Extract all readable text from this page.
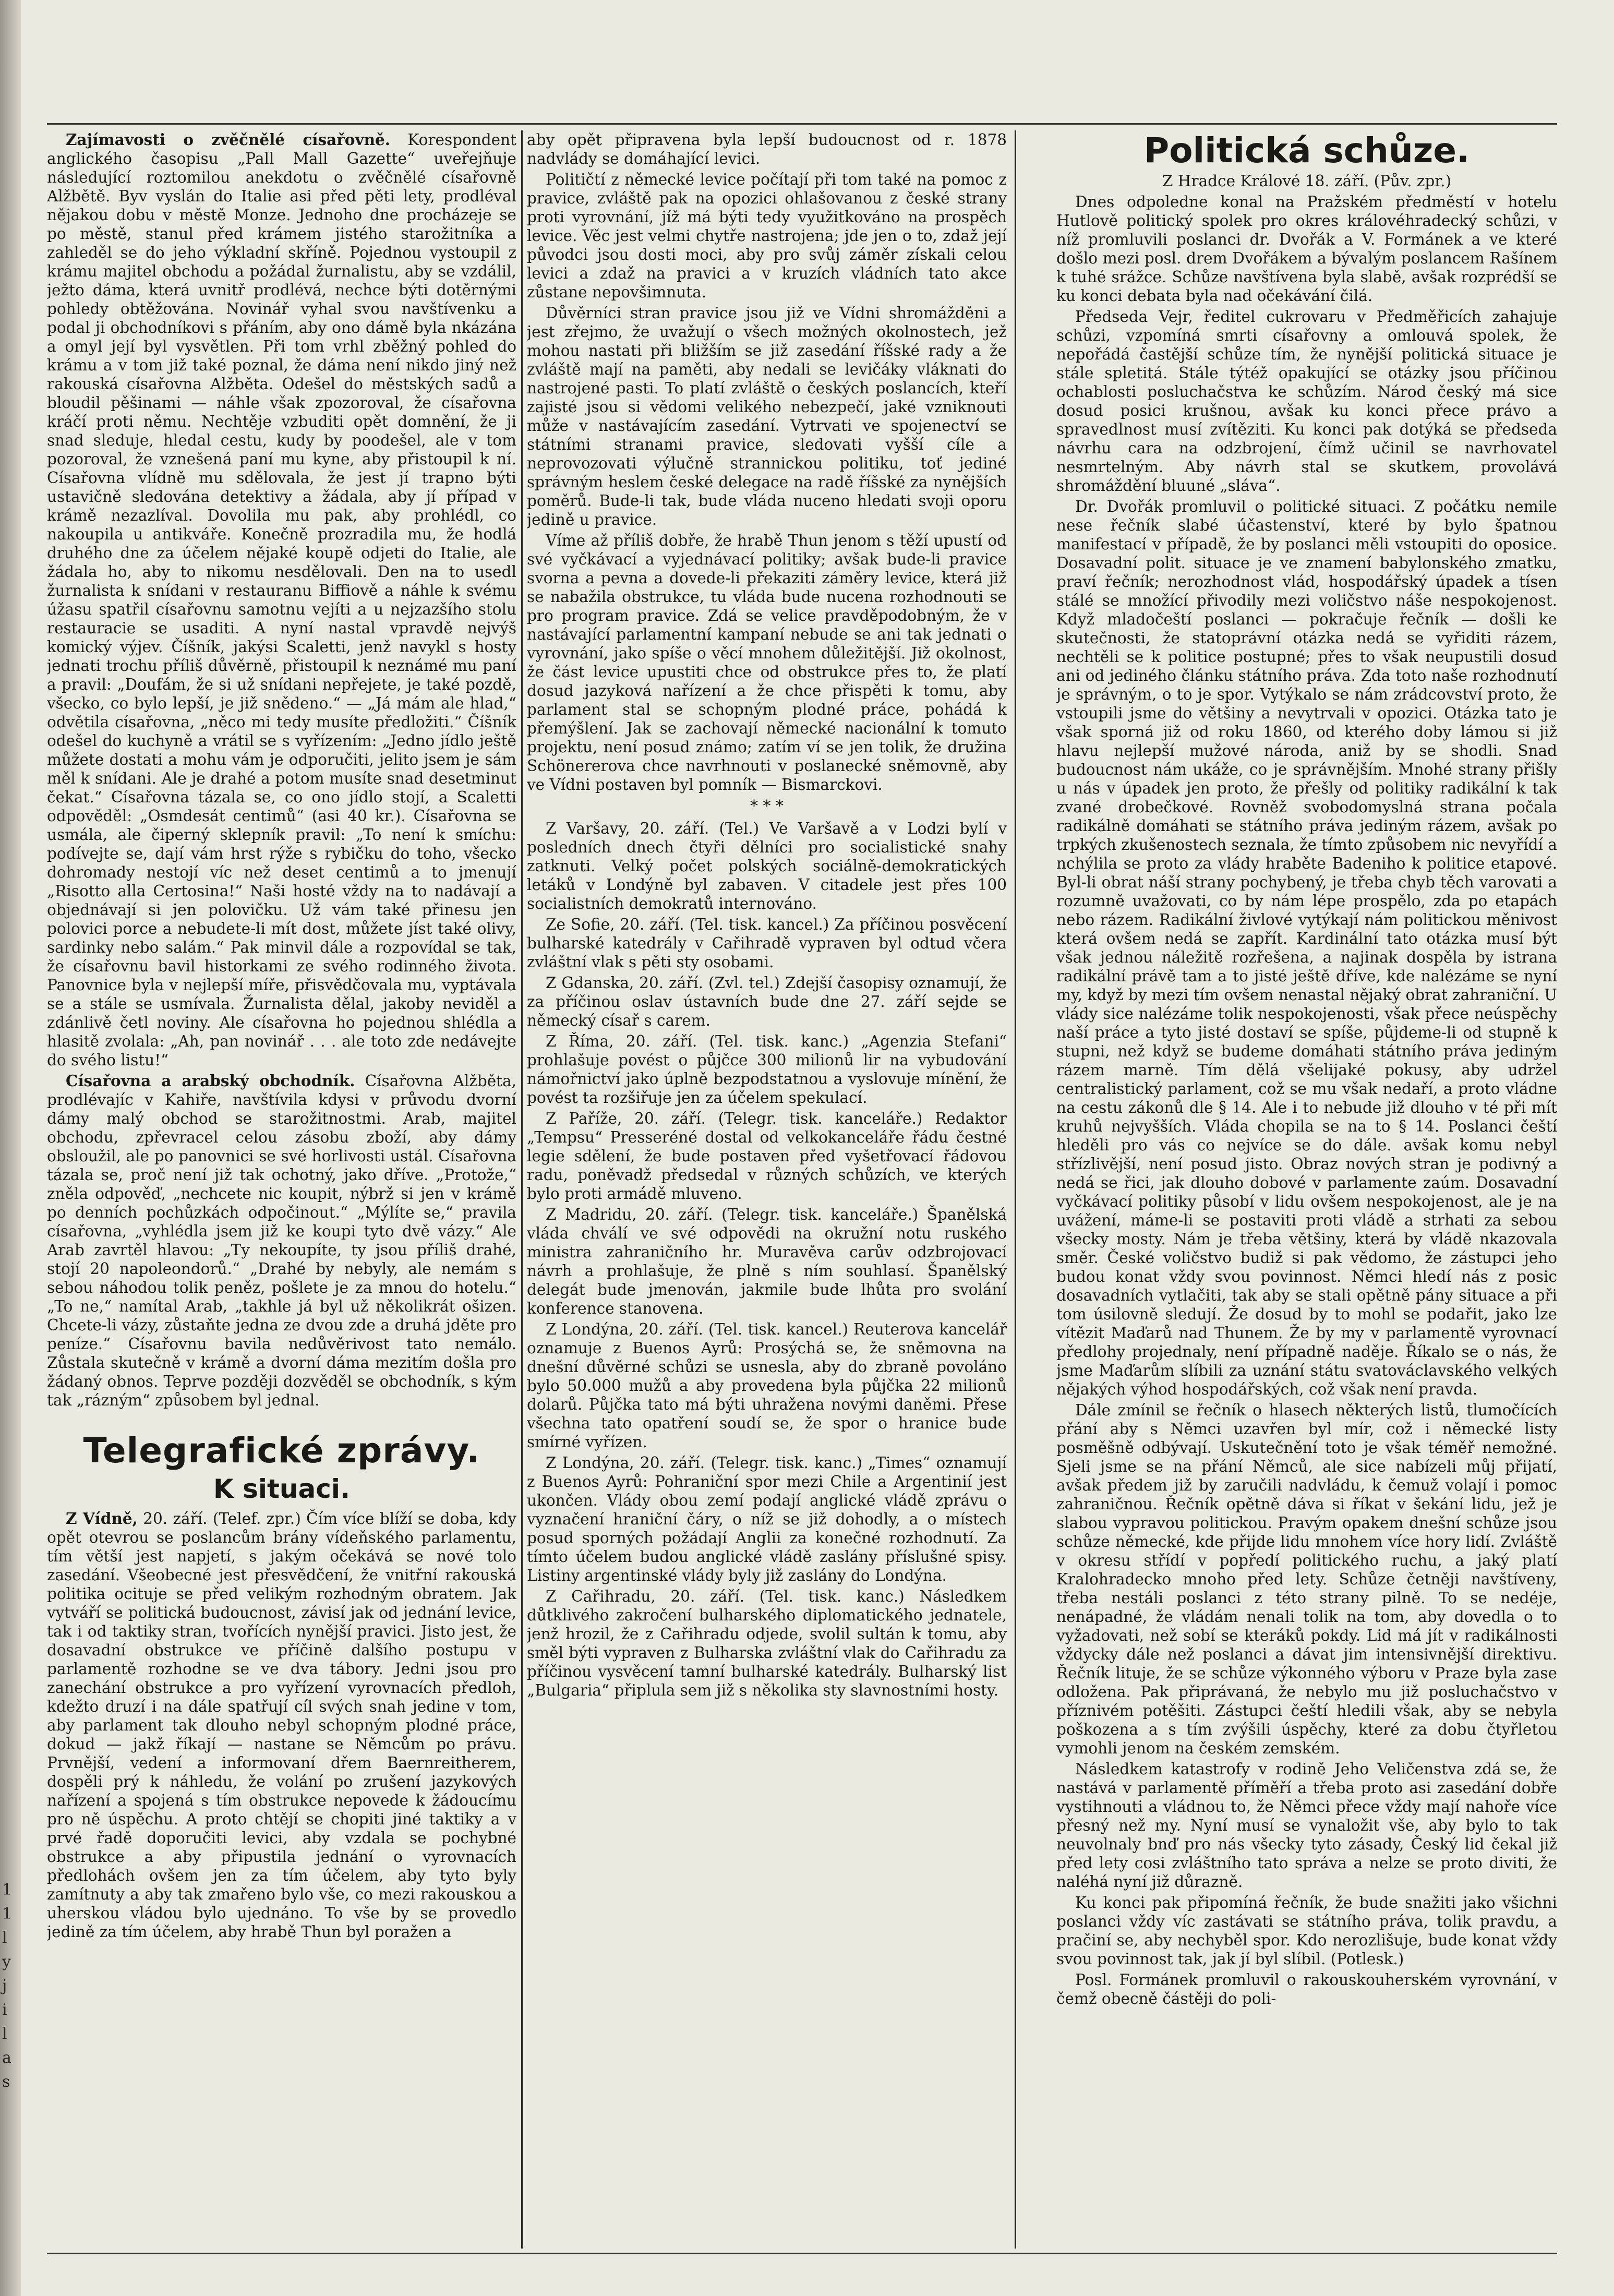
1
1
l
y
j
i
l
a
s

Zajímavosti o zvěčnělé císařovně. Korespondent anglického časopisu „Pall Mall Gazette“ uveřejňuje následující roztomilou anekdotu o zvěčnělé císařovně Alžbětě. Byv vyslán do Italie asi před pěti lety, prodléval nějakou dobu v městě Monze. Jednoho dne procházeje se po městě, stanul před krámem jistého starožitníka a zahleděl se do jeho výkladní skříně. Pojednou vystoupil z krámu majitel obchodu a požádal žurnalistu, aby se vzdálil, ježto dáma, která uvnitř prodlévá, nechce býti dotěrnými pohledy obtěžována. Novinář vyhal svou navštívenku a podal ji obchodníkovi s přáním, aby ono dámě byla nkázána a omyl její byl vysvětlen. Při tom vrhl zběžný pohled do krámu a v tom již také poznal, že dáma není nikdo jiný než rakouská císařovna Alžběta. Odešel do městských sadů a bloudil pěšinami — náhle však zpozoroval, že císařovna kráčí proti němu. Nechtěje vzbuditi opět domnění, že ji snad sleduje, hledal cestu, kudy by poodešel, ale v tom pozoroval, že vznešená paní mu kyne, aby přistoupil k ní. Císařovna vlídně mu sdělovala, že jest jí trapno býti ustavičně sledována detektivy a žádala, aby jí případ v krámě nezazlíval. Dovolila mu pak, aby prohlédl, co nakoupila u antikváře. Konečně prozradila mu, že hodlá druhého dne za účelem nějaké koupě odjeti do Italie, ale žádala ho, aby to nikomu nesdělovali. Den na to usedl žurnalista k snídani v restauranu Biffiově a náhle k svému úžasu spatřil císařovnu samotnu vejíti a u nejzazšího stolu restauracie se usaditi. A nyní nastal vpravdě nejvýš komický výjev. Číšník, jakýsi Scaletti, jenž navykl s hosty jednati trochu příliš důvěrně, přistoupil k neznámé mu paní a pravil: „Doufám, že si už snídani nepřejete, je také pozdě, všecko, co bylo lepší, je již snědeno.“ — „Já mám ale hlad,“ odvětila císařovna, „něco mi tedy musíte předložiti.“ Číšník odešel do kuchyně a vrátil se s vyřízením: „Jedno jídlo ještě můžete dostati a mohu vám je odporučiti, jelito jsem je sám měl k snídani. Ale je drahé a potom musíte snad desetminut čekat.“ Císařovna tázala se, co ono jídlo stojí, a Scaletti odpověděl: „Osmdesát centimů“ (asi 40 kr.). Císařovna se usmála, ale čiperný sklepník pravil: „To není k smíchu: podívejte se, dají vám hrst rýže s rybičku do toho, všecko dohromady nestojí víc než deset centimů a to jmenují „Risotto alla Certosina!“ Naši hosté vždy na to nadávají a objednávají si jen polovičku. Už vám také přinesu jen polovici porce a nebudete-li mít dost, můžete jíst také olivy, sardinky nebo salám.“ Pak minvil dále a rozpovídal se tak, že císařovnu bavil historkami ze svého rodinného života. Panovnice byla v nejlepší míře, přisvědčovala mu, vyptávala se a stále se usmívala. Žurnalista dělal, jakoby neviděl a zdánlivě četl noviny. Ale císařovna ho pojednou shlédla a hlasitě zvolala: „Ah, pan novinář . . . ale toto zde nedávejte do svého listu!“

Císařovna a arabský obchodník. Císařovna Alžběta, prodlévajíc v Kahiře, navštívila kdysi v průvodu dvorní dámy malý obchod se starožitnostmi. Arab, majitel obchodu, zpřevracel celou zásobu zboží, aby dámy obsloužil, ale po panovnici se své horlivosti ustál. Císařovna tázala se, proč není již tak ochotný, jako dříve. „Protože,“ zněla odpověď, „nechcete nic koupit, nýbrž si jen v krámě po denních pochůzkách odpočinout.“ „Mýlíte se,“ pravila císařovna, „vyhlédla jsem již ke koupi tyto dvě vázy.“ Ale Arab zavrtěl hlavou: „Ty nekoupíte, ty jsou příliš drahé, stojí 20 napoleondorů.“ „Drahé by nebyly, ale nemám s sebou náhodou tolik peněz, pošlete je za mnou do hotelu.“ „To ne,“ namítal Arab, „takhle já byl už několikrát ošizen. Chcete-li vázy, zůstaňte jedna ze dvou zde a druhá jděte pro peníze.“ Císařovnu bavila nedůvěrivost tato nemálo. Zůstala skutečně v krámě a dvorní dáma mezitím došla pro žádaný obnos. Teprve později dozvěděl se obchodník, s kým tak „rázným“ způsobem byl jednal.

Telegrafické zprávy.
K situaci.

Z Vídně, 20. září. (Telef. zpr.) Čím více blíží se doba, kdy opět otevrou se poslancům brány vídeňského parlamentu, tím větší jest napjetí, s jakým očekává se nové tolo zasedání. Všeobecné jest přesvědčení, že vnitřní rakouská politika ocituje se před velikým rozhodným obratem. Jak vytváří se politická budoucnost, závisí jak od jednání levice, tak i od taktiky stran, tvořících nynější pravici. Jisto jest, že dosavadní obstrukce ve příčině dalšího postupu v parlamentě rozhodne se ve dva tábory. Jedni jsou pro zanechání obstrukce a pro vyřízení vyrovnacích předloh, kdežto druzí i na dále spatřují cíl svých snah jedine v tom, aby parlament tak dlouho nebyl schopným plodné práce, dokud — jakž říkají — nastane se Němcům po právu. Prvnější, vedení a informovaní dřem Baernreitherem, dospěli prý k náhledu, že volání po zrušení jazykových nařízení a spojená s tím obstrukce nepovede k žádoucímu pro ně úspěchu. A proto chtějí se chopiti jiné taktiky a v prvé řadě doporučiti levici, aby vzdala se pochybné obstrukce a aby připustila jednání o vyrovnacích předlohách ovšem jen za tím účelem, aby tyto byly zamítnuty a aby tak zmařeno bylo vše, co mezi rakouskou a uherskou vládou bylo ujednáno. To vše by se provedlo jedině za tím účelem, aby hrabě Thun byl poražen a

aby opět připravena byla lepší budoucnost od r. 1878 nadvlády se domáhající levici.

Političtí z německé levice počítají při tom také na pomoc z pravice, zvláště pak na opozici ohlašovanou z české strany proti vyrovnání, jíž má býti tedy využitkováno na prospěch levice. Věc jest velmi chytře nastrojena; jde jen o to, zdaž její původci jsou dosti moci, aby pro svůj záměr získali celou levici a zdaž na pravici a v kruzích vládních tato akce zůstane nepovšimnuta.

Důvěrníci stran pravice jsou již ve Vídni shromážděni a jest zřejmo, že uvažují o všech možných okolnostech, jež mohou nastati při bližším se již zasedání říšské rady a že zvláště mají na paměti, aby nedali se levičáky vláknati do nastrojené pasti. To platí zvláště o českých poslancích, kteří zajisté jsou si vědomi velikého nebezpečí, jaké vzniknouti může v nastávajícím zasedání. Vytrvati ve spojenectví se státními stranami pravice, sledovati vyšší cíle a neprovozovati výlučně strannickou politiku, toť jediné správným heslem české delegace na radě říšské za nynějších poměrů. Bude-li tak, bude vláda nuceno hledati svoji oporu jedině u pravice.

Víme až příliš dobře, že hrabě Thun jenom s těží upustí od své vyčkávací a vyjednávací politiky; avšak bude-li pravice svorna a pevna a dovede-li překaziti záměry levice, která již se nabažila obstrukce, tu vláda bude nucena rozhodnouti se pro program pravice. Zdá se velice pravděpodobným, že v nastávající parlamentní kampaní nebude se ani tak jednati o vyrovnání, jako spíše o věcí mnohem důležitější. Již okolnost, že část levice upustiti chce od obstrukce přes to, že platí dosud jazyková nařízení a že chce přispěti k tomu, aby parlament stal se schopným plodné práce, pohádá k přemýšlení. Jak se zachovají německé nacionální k tomuto projektu, není posud známo; zatím ví se jen tolik, že družina Schönererova chce navrhnouti v poslanecké sněmovně, aby ve Vídni postaven byl pomník — Bismarckovi.

* * *

Z Varšavy, 20. září. (Tel.) Ve Varšavě a v Lodzi bylí v posledních dnech čtyři dělníci pro socialistické snahy zatknuti. Velký počet polských sociálně-demokratických letáků v Londýně byl zabaven. V citadele jest přes 100 socialistních demokratů internováno.

Ze Sofie, 20. září. (Tel. tisk. kancel.) Za příčinou posvěcení bulharské katedrály v Cařihradě vypraven byl odtud včera zvláštní vlak s pěti sty osobami.

Z Gdanska, 20. září. (Zvl. tel.) Zdejší časopisy oznamují, že za příčinou oslav ústavních bude dne 27. září sejde se německý císař s carem.

Z Říma, 20. září. (Tel. tisk. kanc.) „Agenzia Stefani“ prohlašuje povést o půjčce 300 milionů lir na vybudování námořnictví jako úplně bezpodstatnou a vyslovuje mínění, že povést ta rozšiřuje jen za účelem spekulací.

Z Paříže, 20. září. (Telegr. tisk. kanceláře.) Redaktor „Tempsu“ Presseréné dostal od velkokanceláře řádu čestné legie sdělení, že bude postaven před vyšetřovací řádovou radu, poněvadž předsedal v různých schůzích, ve kterých bylo proti armádě mluveno.

Z Madridu, 20. září. (Telegr. tisk. kanceláře.) Španělská vláda chválí ve své odpovědi na okružní notu ruského ministra zahraničního hr. Muravěva carův odzbrojovací návrh a prohlašuje, že plně s ním souhlasí. Španělský delegát bude jmenován, jakmile bude lhůta pro svolání konference stanovena.

Z Londýna, 20. září. (Tel. tisk. kancel.) Reuterova kancelář oznamuje z Buenos Ayrů: Prosýchá se, že sněmovna na dnešní důvěrné schůzi se usnesla, aby do zbraně povoláno bylo 50.000 mužů a aby provedena byla půjčka 22 milionů dolarů. Půjčka tato má býti uhražena novými daněmi. Přese všechna tato opatření soudí se, že spor o hranice bude smírné vyřízen.

Z Londýna, 20. září. (Telegr. tisk. kanc.) „Times“ oznamují z Buenos Ayrů: Pohraniční spor mezi Chile a Argentinií jest ukončen. Vlády obou zemí podají anglické vládě zprávu o vyznačení hraniční čáry, o níž se již dohodly, a o místech posud sporných požádají Anglii za konečné rozhodnutí. Za tímto účelem budou anglické vládě zaslány příslušné spisy. Listiny argentinské vlády byly již zaslány do Londýna.

Z Cařihradu, 20. září. (Tel. tisk. kanc.) Následkem důtklivého zakročení bulharského diplomatického jednatele, jenž hrozil, že z Cařihradu odjede, svolil sultán k tomu, aby směl býti vypraven z Bulharska zvláštní vlak do Cařihradu za příčinou vysvěcení tamní bulharské katedrály. Bulharský list „Bulgaria“ připlula sem již s několika sty slavnostními hosty.

Politická schůze.

Z Hradce Králové 18. září. (Pův. zpr.)

Dnes odpoledne konal na Pražském předměstí v hotelu Hutlově politický spolek pro okres královéhradecký schůzi, v níž promluvili poslanci dr. Dvořák a V. Formánek a ve které došlo mezi posl. drem Dvořákem a bývalým poslancem Rašínem k tuhé srážce. Schůze navštívena byla slabě, avšak rozprédší se ku konci debata byla nad očekávání čilá.

Předseda Vejr, ředitel cukrovaru v Předměřicích zahajuje schůzi, vzpomíná smrti císařovny a omlouvá spolek, že nepořádá častější schůze tím, že nynější politická situace je stále spletitá. Stále týtéž opakující se otázky jsou příčinou ochablosti posluchačstva ke schůzím. Národ český má sice dosud posici krušnou, avšak ku konci přece právo a spravedlnost musí zvítěziti. Ku konci pak dotýká se předseda návrhu cara na odzbrojení, čímž učinil se navrhovatel nesmrtelným. Aby návrh stal se skutkem, provolává shromáždění bluuné „sláva“.

Dr. Dvořák promluvil o politické situaci. Z počátku nemile nese řečník slabé účastenství, které by bylo špatnou manifestací v případě, že by poslanci měli vstoupiti do oposice. Dosavadní polit. situace je ve znamení babylonského zmatku, praví řečník; nerozhodnost vlád, hospodářský úpadek a tísen stálé se množící přivodily mezi voličstvo náše nespokojenost. Když mladočeští poslanci — pokračuje řečník — došli ke skutečnosti, že statoprávní otázka nedá se vyřiditi rázem, nechtěli se k politice postupné; přes to však neupustili dosud ani od jediného článku státního práva. Zda toto naše rozhodnutí je správným, o to je spor. Vytýkalo se nám zrádcovství proto, že vstoupili jsme do většiny a nevytrvali v opozici. Otázka tato je však sporná již od roku 1860, od kterého doby lámou si již hlavu nejlepší mužové národa, aniž by se shodli. Snad budoucnost nám ukáže, co je správnějším. Mnohé strany přišly u nás v úpadek jen proto, že přešly od politiky radikální k tak zvané drobečkové. Rovněž svobodomyslná strana počala radikálně domáhati se státního práva jediným rázem, avšak po trpkých zkušenostech seznala, že tímto způsobem nic nevyřídí a nchýlila se proto za vlády hraběte Badeniho k politice etapové. Byl-li obrat náší strany pochybený, je třeba chyb těch varovati a rozumně uvažovati, co by nám lépe prospělo, zda po etapách nebo rázem. Radikální živlové vytýkají nám politickou měnivost která ovšem nedá se zapřít. Kardinální tato otázka musí být však jednou náležitě rozřešena, a najinak dospěla by istrana radikální právě tam a to jisté ještě dříve, kde nalézáme se nyní my, když by mezi tím ovšem nenastal nějaký obrat zahraniční. U vlády sice nalézáme tolik nespokojenosti, však přece neúspěchy naší práce a tyto jisté dostaví se spíše, půjdeme-li od stupně k stupni, než když se budeme domáhati státního práva jediným rázem marně. Tím dělá všelijaké pokusy, aby udržel centralistický parlament, což se mu však nedaří, a proto vládne na cestu zákonů dle § 14. Ale i to nebude již dlouho v té při mít kruhů nejvyšších. Vláda chopila se na to § 14. Poslanci čeští hleděli pro vás co nejvíce se do dále. avšak komu nebyl střízlivější, není posud jisto. Obraz nových stran je podivný a nedá se řici, jak dlouho dobové v parlamente zaúm. Dosavadní vyčkávací politiky působí v lidu ovšem nespokojenost, ale je na uvážení, máme-li se postaviti proti vládě a strhati za sebou všecky mosty. Nám je třeba většiny, která by vládě nkazovala směr. České voličstvo budiž si pak vědomo, že zástupci jeho budou konat vždy svou povinnost. Němci hledí nás z posic dosavadních vytlačiti, tak aby se stali opětně pány situace a při tom úsilovně sledují. Že dosud by to mohl se podařit, jako lze vítězit Maďarů nad Thunem. Že by my v parlamentě vyrovnací předlohy projednaly, není případně naděje. Říkalo se o nás, že jsme Maďarům slíbili za uznání státu svatováclavského velkých nějakých výhod hospodářských, což však není pravda.

Dále zmínil se řečník o hlasech některých listů, tlumočících přání aby s Němci uzavřen byl mír, což i německé listy posměšně odbývají. Uskutečnění toto je však téměř nemožné. Sjeli jsme se na přání Němců, ale sice nabízeli můj přijatí, avšak předem již by zaručili nadvládu, k čemuž volají i pomoc zahraničnou. Řečník opětně dáva si říkat v šekání lidu, jež je slabou vypravou politickou. Pravým opakem dnešní schůze jsou schůze německé, kde přijde lidu mnohem více hory lidí. Zvláště v okresu střídí v popředí politického ruchu, a jaký platí Kralohradecko mnoho před lety. Schůze četněji navštíveny, třeba nestáli poslanci z této strany pilně. To se nedéje, nenápadné, že vládám nenali tolik na tom, aby dovedla o to vyžadovati, než sobí se kteráků pokdy. Lid má jít v radikálnosti vždycky dále než poslanci a dávat jim intensivnější direktivu. Řečník lituje, že se schůze výkonného výboru v Praze byla zase odložena. Pak připrávaná, že nebylo mu již posluchačstvo v příznivém potěšiti. Zástupci čeští hledili však, aby se nebyla poškozena a s tím zvýšili úspěchy, které za dobu čtyřletou vymohli jenom na českém zemském.

Následkem katastrofy v rodině Jeho Veličenstva zdá se, že nastává v parlamentě příměří a třeba proto asi zasedání dobře vystihnouti a vládnou to, že Němci přece vždy mají nahoře více přesný než my. Nyní musí se vynaložit vše, aby bylo to tak neuvolnaly bnď pro nás všecky tyto zásady, Český lid čekal již před lety cosi zvláštního tato správa a nelze se proto diviti, že naléhá nyní již důrazně.

Ku konci pak připomíná řečník, že bude snažiti jako všichni poslanci vždy víc zastávati se státního práva, tolik pravdu, a pračiní se, aby nechyběl spor. Kdo nerozlišuje, bude konat vždy svou povinnost tak, jak jí byl slíbil. (Potlesk.)

Posl. Formánek promluvil o rakouskouherském vyrovnání, v čemž obecně částěji do poli-
